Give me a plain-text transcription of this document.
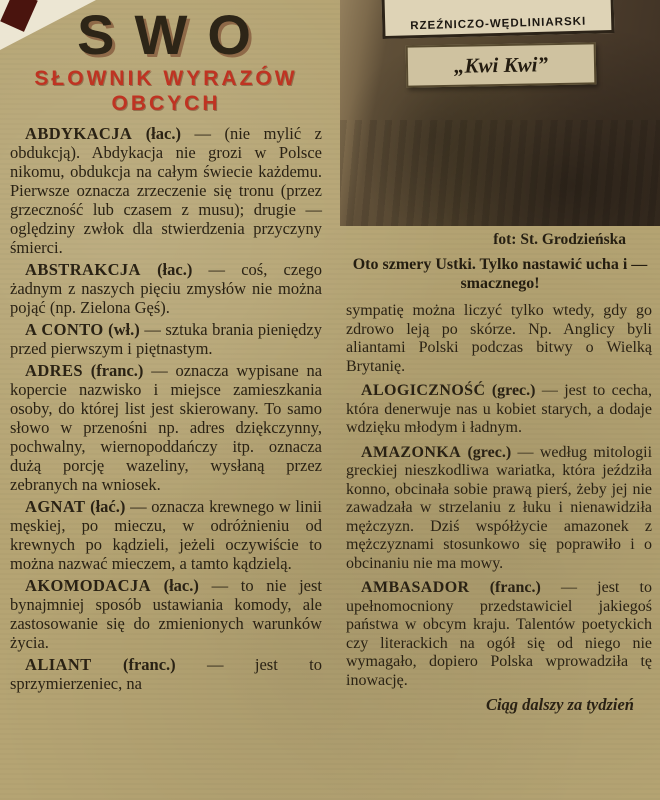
SWO
SŁOWNIK WYRAZÓW
OBCYCH

ABDYKACJA (łac.) — (nie mylić z obdukcją). Abdykacja nie grozi w Polsce nikomu, obdukcja na całym świecie każdemu. Pierwsze oznacza zrzeczenie się tronu (przez grzeczność lub czasem z musu); drugie — oględziny zwłok dla stwierdzenia przyczyny śmierci.

ABSTRAKCJA (łac.) — coś, czego żadnym z naszych pięciu zmysłów nie można pojąć (np. Zielona Gęś).

A CONTO (wł.) — sztuka brania pieniędzy przed pierwszym i piętnastym.

ADRES (franc.) — oznacza wypisane na kopercie nazwisko i miejsce zamieszkania osoby, do której list jest skierowany. To samo słowo w przenośni np. adres dziękczynny, pochwalny, wiernopoddańczy itp. oznacza dużą porcję wazeliny, wysłaną przez zebranych na wniosek.

AGNAT (łać.) — oznacza krewnego w linii męskiej, po mieczu, w odróżnieniu od krewnych po kądzieli, jeżeli oczywiście to można nazwać mieczem, a tamto kądzielą.

AKOMODACJA (łac.) — to nie jest bynajmniej sposób ustawiania komody, ale zastosowanie się do zmienionych warunków życia.

ALIANT (franc.) — jest to sprzymierzeniec, na

RZEŹNICZO-WĘDLINIARSKI
„Kwi Kwi”
fot: St. Grodzieńska
Oto szmery Ustki. Tylko nastawić ucha i — smacznego!

sympatię można liczyć tylko wtedy, gdy go zdrowo leją po skórze. Np. Anglicy byli aliantami Polski podczas bitwy o Wielką Brytanię.

ALOGICZNOŚĆ (grec.) — jest to cecha, która denerwuje nas u kobiet starych, a dodaje wdzięku młodym i ładnym.

AMAZONKA (grec.) — według mitologii greckiej nieszkodliwa wariatka, która jeździła konno, obcinała sobie prawą pierś, żeby jej nie zawadzała w strzelaniu z łuku i nienawidziła mężczyzn. Dziś współżycie amazonek z mężczyznami stosunkowo się poprawiło i o obcinaniu nie ma mowy.

AMBASADOR (franc.) — jest to upełnomocniony przedstawiciel jakiegoś państwa w obcym kraju. Talentów poetyckich czy literackich na ogół się od niego nie wymagało, dopiero Polska wprowadziła tę inowację.

Ciąg dalszy za tydzień
